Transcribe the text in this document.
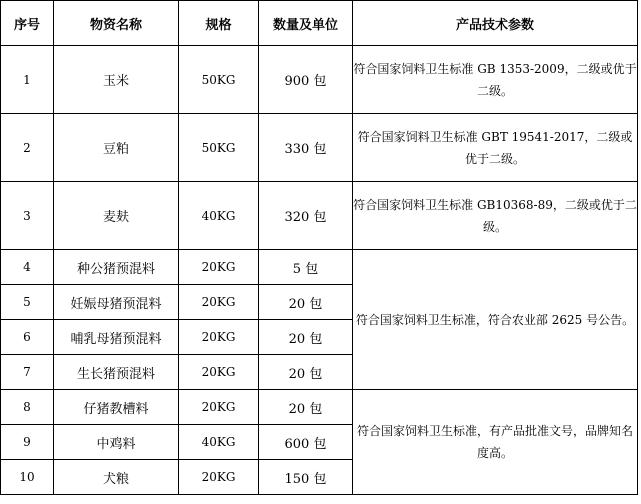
序号	物资名称	规格	数量及单位	产品技术参数
1	玉米	50KG	900 包	符合国家饲料卫生标准 GB 1353-2009，二级或优于二级。
2	豆粕	50KG	330 包	符合国家饲料卫生标准 GBT 19541-2017，二级或优于二级。
3	麦麸	40KG	320 包	符合国家饲料卫生标准 GB10368-89，二级或优于二级。
4	种公猪预混料	20KG	5 包	符合国家饲料卫生标准，符合农业部 2625 号公告。
5	妊娠母猪预混料	20KG	20 包	
6	哺乳母猪预混料	20KG	20 包	
7	生长猪预混料	20KG	20 包	
8	仔猪教槽料	20KG	20 包	符合国家饲料卫生标准，有产品批准文号，品牌知名度高。
9	中鸡料	40KG	600 包	
10	犬粮	20KG	150 包	
